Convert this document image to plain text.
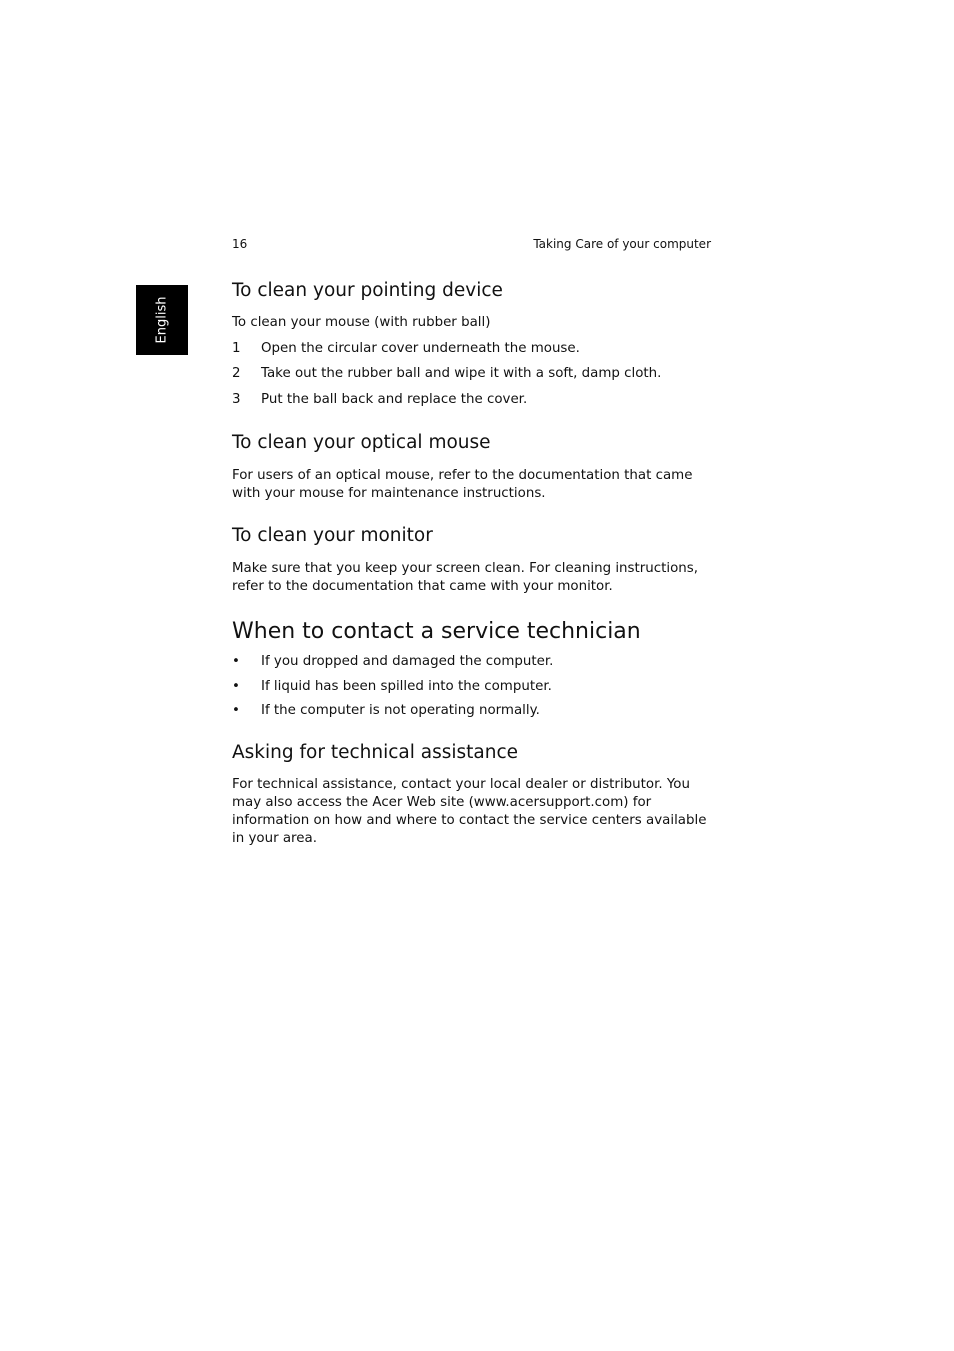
16	Taking Care of your computer
English
To clean your pointing device

To clean your mouse (with rubber ball)

1 Open the circular cover underneath the mouse.
2 Take out the rubber ball and wipe it with a soft, damp cloth.
3 Put the ball back and replace the cover.
To clean your optical mouse

For users of an optical mouse, refer to the documentation that came with your mouse for maintenance instructions.

To clean your monitor

Make sure that you keep your screen clean. For cleaning instructions, refer to the documentation that came with your monitor.

When to contact a service technician
• If you dropped and damaged the computer.
• If liquid has been spilled into the computer.
• If the computer is not operating normally.
Asking for technical assistance

For technical assistance, contact your local dealer or distributor. You may also access the Acer Web site (www.acersupport.com) for information on how and where to contact the service centers available in your area.
